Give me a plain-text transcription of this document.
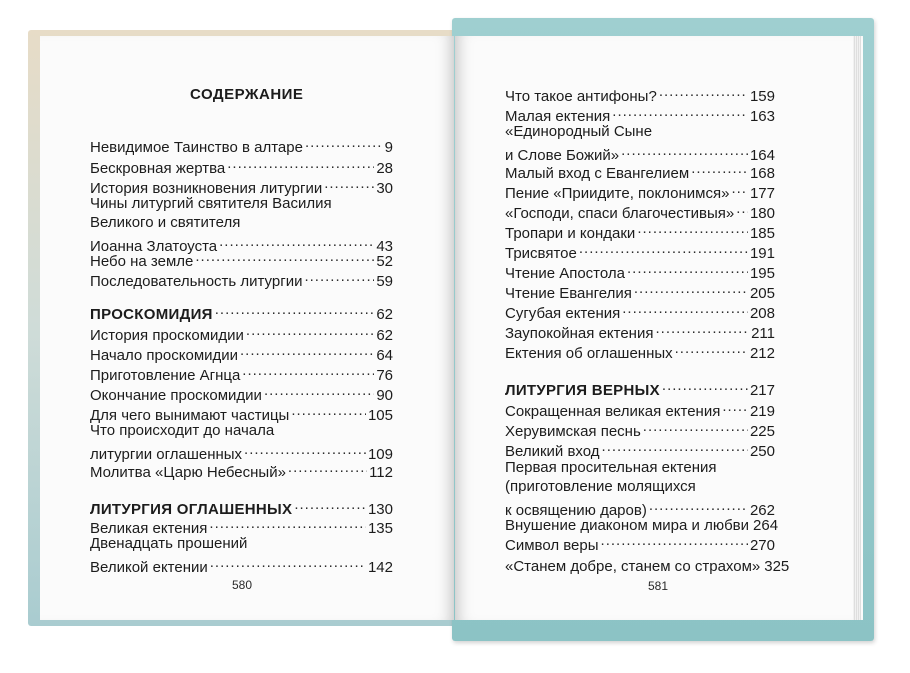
СОДЕРЖАНИЕ
Невидимое Таинство в алтаре .....	9
Бескровная жертва .....	28
История возникновения литургии .....	30
Чины литургий святителя Василия
Великого и святителя
Иоанна Златоуста .....	43
Небо на земле .....	52
Последовательность литургии .....	59
ПРОСКОМИДИЯ .....	62
История проскомидии .....	62
Начало проскомидии .....	64
Приготовление Агнца .....	76
Окончание проскомидии .....	90
Для чего вынимают частицы .....	105
Что происходит до начала
литургии оглашенных .....	109
Молитва «Царю Небесный» .....	112
ЛИТУРГИЯ ОГЛАШЕННЫХ .....	130
Великая ектения .....	135
Двенадцать прошений
Великой ектении .....	142
Что такое антифоны? .....	159
Малая ектения .....	163
«Единородный Сыне
и Слове Божий» .....	164
Малый вход с Евангелием .....	168
Пение «Приидите, поклонимся» ..... 177
«Господи, спаси благочестивыя» ..... 180
Тропари и кондаки .....	185
Трисвятое .....	191
Чтение Апостола .....	195
Чтение Евангелия .....	205
Сугубая ектения .....	208
Заупокойная ектения .....	211
Ектения об оглашенных .....	212
ЛИТУРГИЯ ВЕРНЫХ .....	217
Сокращенная великая ектения ..... 219
Херувимская песнь .....	225
Великий вход .....	250
Первая просительная ектения
(приготовление молящихся
к освящению даров) .....	262
Внушение диаконом мира и любви 264
Символ веры .....	270
«Станем добре, станем со страхом» 325
580	581
